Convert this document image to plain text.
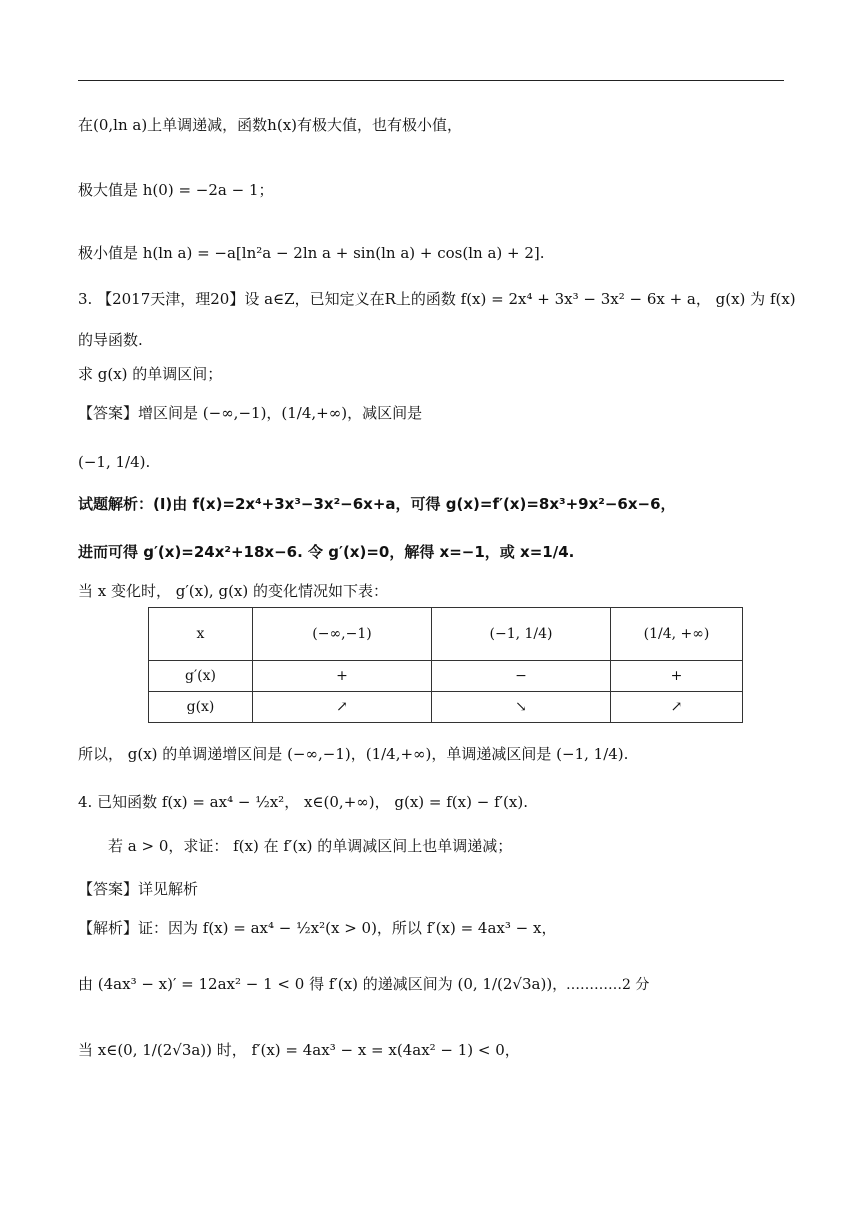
在(0,ln a)上单调递减，函数h(x)有极大值，也有极小值，
极大值是 h(0) = −2a − 1；
极小值是 h(ln a) = −a[ln²a − 2ln a + sin(ln a) + cos(ln a) + 2].
3. 【2017天津，理20】设 a∈Z，已知定义在R上的函数 f(x) = 2x⁴ + 3x³ − 3x² − 6x + a， g(x) 为 f(x)
的导函数.
求 g(x) 的单调区间；
【答案】增区间是 (−∞,−1)，(1/4,+∞)，减区间是
(−1, 1/4).
试题解析：(Ⅰ)由 f(x)=2x⁴+3x³−3x²−6x+a，可得 g(x)=f′(x)=8x³+9x²−6x−6，
进而可得 g′(x)=24x²+18x−6. 令 g′(x)=0，解得 x=−1，或 x=1/4.
当 x 变化时， g′(x), g(x) 的变化情况如下表：
x	(−∞,−1)	(−1, 1/4)	(1/4, +∞)
g′(x)	+	−	+
g(x)	↗	↘	↗
所以， g(x) 的单调递增区间是 (−∞,−1)，(1/4,+∞)，单调递减区间是 (−1, 1/4).
4. 已知函数 f(x) = ax⁴ − ½x²， x∈(0,+∞)， g(x) = f(x) − f′(x).
若 a > 0，求证： f(x) 在 f′(x) 的单调减区间上也单调递减；
【答案】详见解析
【解析】证：因为 f(x) = ax⁴ − ½x²(x > 0)，所以 f′(x) = 4ax³ − x，
由 (4ax³ − x)′ = 12ax² − 1 < 0 得 f′(x) 的递减区间为 (0, 1/(2√3a))，
…………2 分
当 x∈(0, 1/(2√3a)) 时， f′(x) = 4ax³ − x = x(4ax² − 1) < 0，
